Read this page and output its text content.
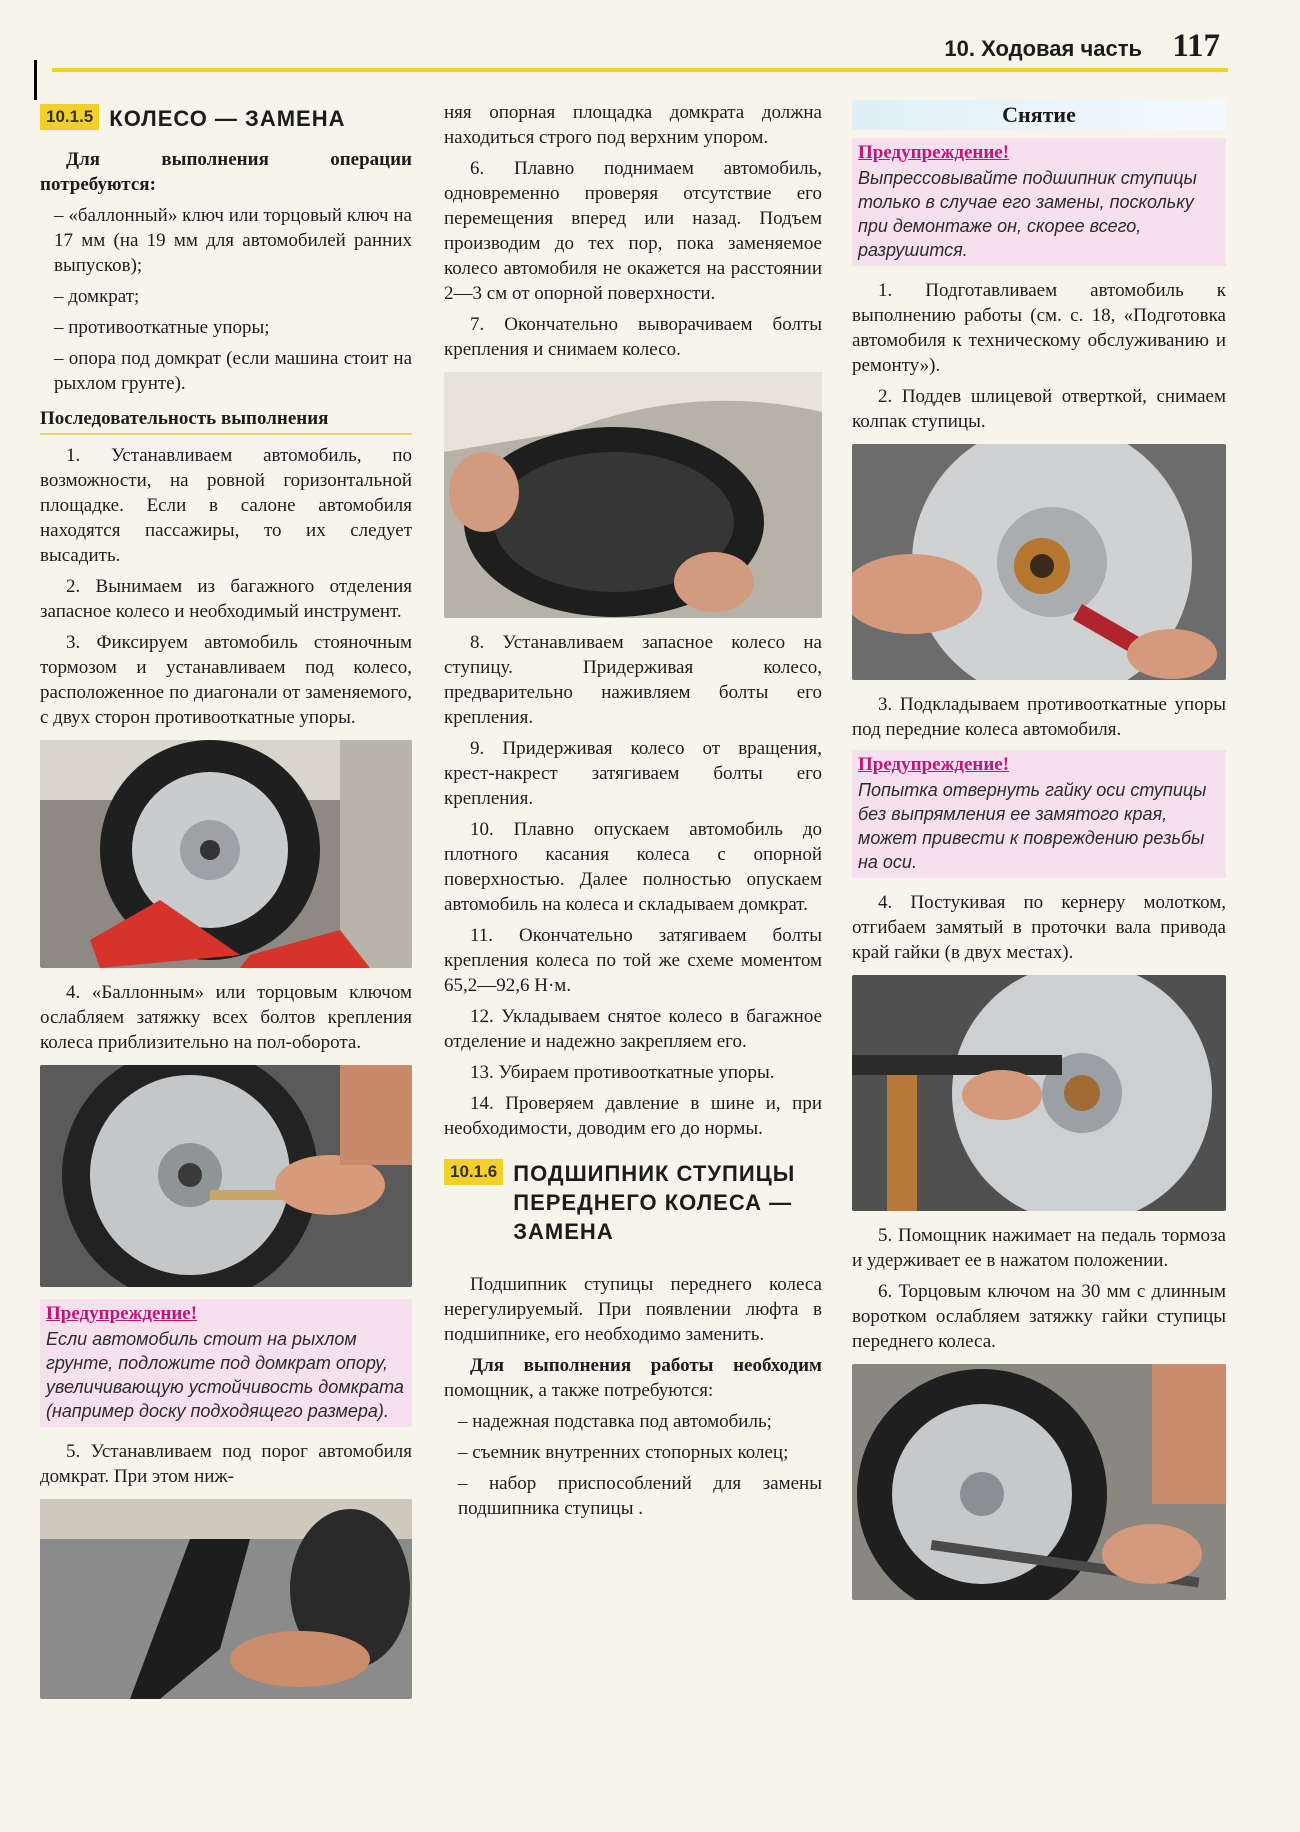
10. Ходовая часть 117
10.1.5 КОЛЕСО — ЗАМЕНА

Для выполнения операции потребуются:

– «баллонный» ключ или торцовый ключ на 17 мм (на 19 мм для автомобилей ранних выпусков);

– домкрат;

– противооткатные упоры;

– опора под домкрат (если машина стоит на рыхлом грунте).

Последовательность выполнения

1. Устанавливаем автомобиль, по возможности, на ровной горизонтальной площадке. Если в салоне автомобиля находятся пассажиры, то их следует высадить.

2. Вынимаем из багажного отделения запасное колесо и необходимый инструмент.

3. Фиксируем автомобиль стояночным тормозом и устанавливаем под колесо, расположенное по диагонали от заменяемого, с двух сторон противооткатные упоры.

4. «Баллонным» или торцовым ключом ослабляем затяжку всех болтов крепления колеса приблизительно на пол-оборота.

Предупреждение!
Если автомобиль стоит на рыхлом грунте, подложите под домкрат опору, увеличивающую устойчивость домкрата (например доску подходящего размера).

5. Устанавливаем под порог автомобиля домкрат. При этом ниж-

няя опорная площадка домкрата должна находиться строго под верхним упором.

6. Плавно поднимаем автомобиль, одновременно проверяя отсутствие его перемещения вперед или назад. Подъем производим до тех пор, пока заменяемое колесо автомобиля не окажется на расстоянии 2—3 см от опорной поверхности.

7. Окончательно выворачиваем болты крепления и снимаем колесо.

8. Устанавливаем запасное колесо на ступицу. Придерживая колесо, предварительно наживляем болты его крепления.

9. Придерживая колесо от вращения, крест-накрест затягиваем болты его крепления.

10. Плавно опускаем автомобиль до плотного касания колеса с опорной поверхностью. Далее полностью опускаем автомобиль на колеса и складываем домкрат.

11. Окончательно затягиваем болты крепления колеса по той же схеме моментом 65,2—92,6 Н·м.

12. Укладываем снятое колесо в багажное отделение и надежно закрепляем его.

13. Убираем противооткатные упоры.

14. Проверяем давление в шине и, при необходимости, доводим его до нормы.

10.1.6 ПОДШИПНИК СТУПИЦЫ ПЕРЕДНЕГО КОЛЕСА — ЗАМЕНА

Подшипник ступицы переднего колеса нерегулируемый. При появлении люфта в подшипнике, его необходимо заменить.

Для выполнения работы необходим помощник, а также потребуются:

– надежная подставка под автомобиль;

– съемник внутренних стопорных колец;

– набор приспособлений для замены подшипника ступицы .

Снятие
Предупреждение!
Выпрессовывайте подшипник ступицы только в случае его замены, поскольку при демонтаже он, скорее всего, разрушится.

1. Подготавливаем автомобиль к выполнению работы (см. с. 18, «Подготовка автомобиля к техническому обслуживанию и ремонту»).

2. Поддев шлицевой отверткой, снимаем колпак ступицы.

3. Подкладываем противооткатные упоры под передние колеса автомобиля.

Предупреждение!
Попытка отвернуть гайку оси ступицы без выпрямления ее замятого края, может привести к повреждению резьбы на оси.

4. Постукивая по кернеру молотком, отгибаем замятый в проточки вала привода край гайки (в двух местах).

5. Помощник нажимает на педаль тормоза и удерживает ее в нажатом положении.

6. Торцовым ключом на 30 мм с длинным воротком ослабляем затяжку гайки ступицы переднего колеса.
